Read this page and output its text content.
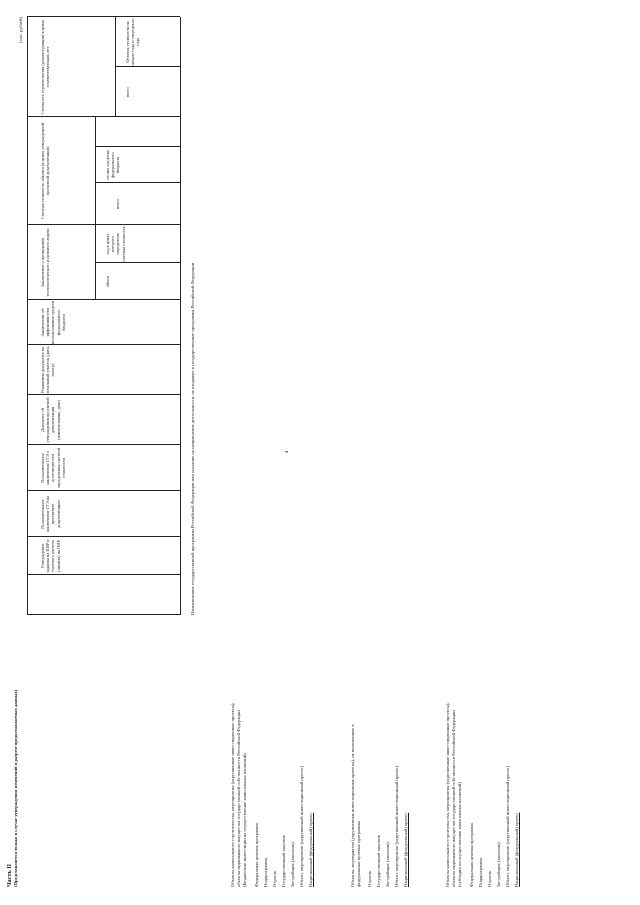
Часть II (Представляется только в случае утверждения изменений в разрезе предоставляемых данных)
(тыс. рублей)
4
Утверждение задания на ПИР и сметного расчета (лимита) на ПИР
Положительное заключение ГГЭ на проектную документацию
Положительное заключение ГГЭ о достоверности определения сметной стоимости
Документ об утверждении проектной документации (наименование, дата)
Реквизиты документа на земельный участок (дата, номер)
Заключение об эффективности использования средств федерального бюджета
Заключение о проведении технологического и ценового аудита
Сметная стоимость объекта (в ценах утвержденной проектной документации)
Стоимость строительства (реконструкции) в ценах соответствующих лет
объем
год в ценах которого определена сметная стоимость
всего
из них средства федерального бюджета
всего
Остаток стоимости на начало года и очередного года
Наименование государственной программы Российской Федерации или указание на направление деятельности, не входящее в государственные программы Российской Федерации
Объекты капитального строительства, мероприятия (укрупненные инвестиционные проекты), объекты недвижимого имущества государственной собственности Российской Федерации (Бюджетные инвестиции на осуществление капитальных вложений) Федеральная целевая программа Подпрограмма Отрасль Государственный заказчик Застройщик (заказчик) Объект, мероприятие (укрупненный инвестиционный проект) Национальный (федеральный) проект	Объекты, мероприятия (укрупненные инвестиционные проекты), не включенные в федеральные целевые программы Отрасль Государственный заказчик Застройщик (заказчик) Объект, мероприятие (укрупненный инвестиционный проект) Национальный (федеральный) проект	Объекты капитального строительства, мероприятия (укрупненные инвестиционные проекты), объекты недвижимого имущества государственной собственности Российской Федерации (субсидии на осуществление капитальных вложений) Федеральная целевая программа Подпрограмма Отрасль Застройщик (заказчик) Объект, мероприятие (укрупненный инвестиционный проект) Национальный (федеральный) проект
